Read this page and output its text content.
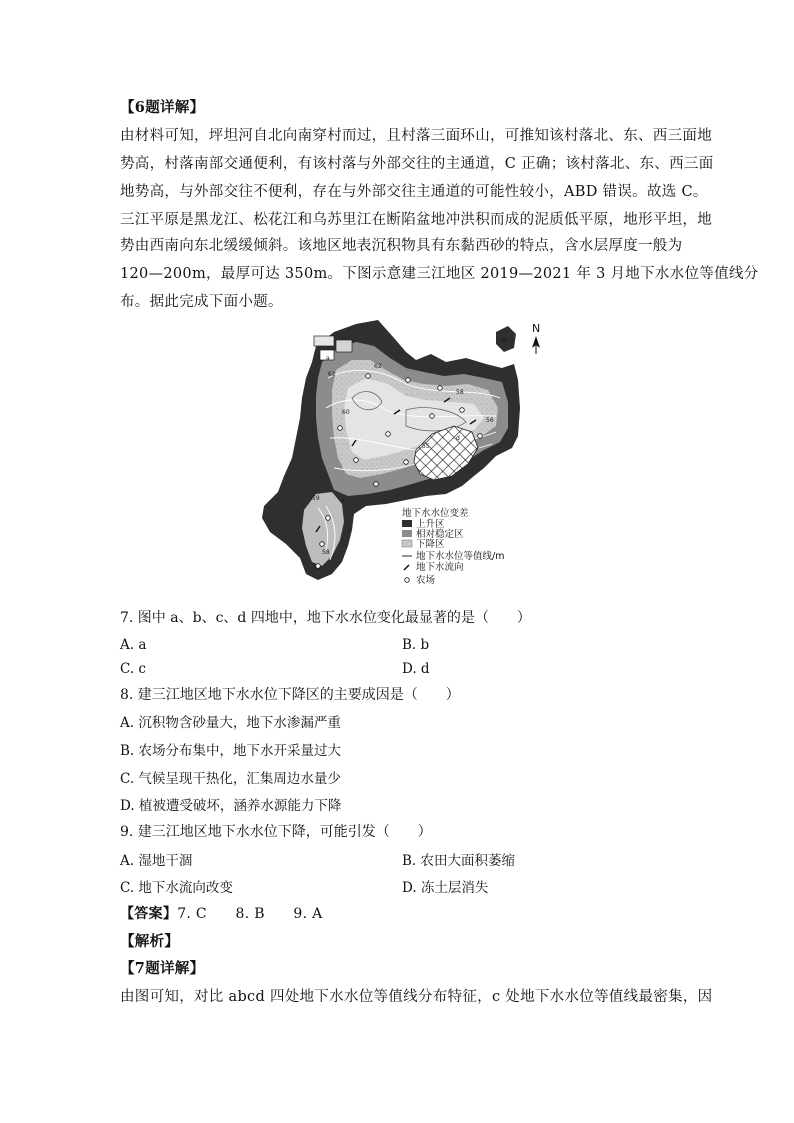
【6题详解】
由材料可知，坪坦河自北向南穿村而过，且村落三面环山，可推知该村落北、东、西三面地
势高，村落南部交通便利，有该村落与外部交往的主通道，C 正确；该村落北、东、西三面
地势高，与外部交往不便利，存在与外部交往主通道的可能性较小，ABD 错误。故选 C。
三江平原是黑龙江、松花江和乌苏里江在断陷盆地冲洪积而成的泥质低平原，地形平坦，地
势由西南向东北缓缓倾斜。该地区地表沉积物具有东黏西砂的特点，含水层厚度一般为
120—200m，最厚可达 350m。下图示意建三江地区 2019—2021 年 3 月地下水水位等值线分
布。据此完成下面小题。
61
62
60
58
56
55
59
58
N
地下水水位变差
上升区
相对稳定区
下降区
地下水水位等值线/m
地下水流向
农场
a
b
c
d
7. 图中 a、b、c、d 四地中，地下水水位变化最显著的是（　　）
A. a	B. b
C. c	D. d
8. 建三江地区地下水水位下降区的主要成因是（　　）
A. 沉积物含砂量大，地下水渗漏严重
B. 农场分布集中，地下水开采量过大
C. 气候呈现干热化，汇集周边水量少
D. 植被遭受破坏，涵养水源能力下降
9. 建三江地区地下水水位下降，可能引发（　　）
A. 湿地干涸	B. 农田大面积萎缩
C. 地下水流向改变	D. 冻土层消失
【答案】7. C　　8. B　　9. A
【解析】
【7题详解】
由图可知，对比 abcd 四处地下水水位等值线分布特征，c 处地下水水位等值线最密集，因
